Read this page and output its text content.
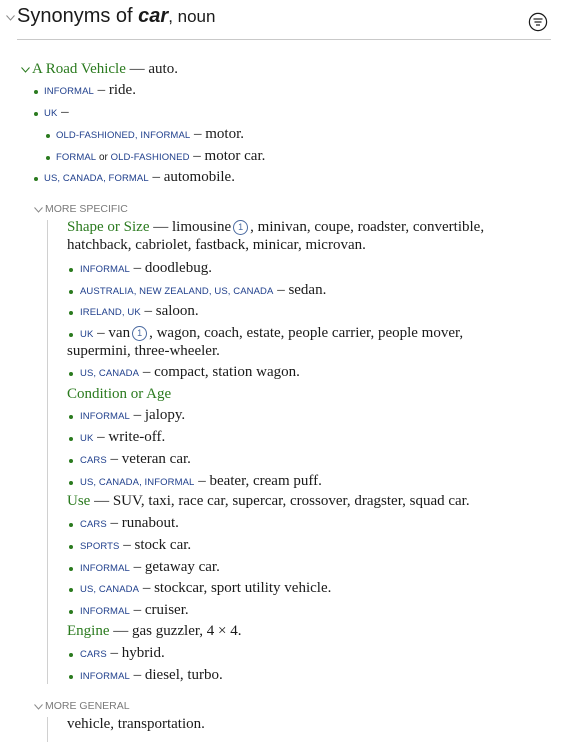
Synonyms of car, noun
A Road Vehicle — auto.
INFORMAL – ride.
UK –
OLD-FASHIONED, INFORMAL – motor.
FORMAL or OLD-FASHIONED – motor car.
US, CANADA, FORMAL – automobile.
MORE SPECIFIC
Shape or Size — limousine 1 , minivan, coupe, roadster, convertible,
hatchback, cabriolet, fastback, minicar, microvan.
INFORMAL – doodlebug.
AUSTRALIA, NEW ZEALAND, US, CANADA – sedan.
IRELAND, UK – saloon.
UK – van 1 , wagon, coach, estate, people carrier, people mover,
supermini, three-wheeler.
US, CANADA – compact, station wagon.
Condition or Age
INFORMAL – jalopy.
UK – write-off.
CARS – veteran car.
US, CANADA, INFORMAL – beater, cream puff.
Use — SUV, taxi, race car, supercar, crossover, dragster, squad car.
CARS – runabout.
SPORTS – stock car.
INFORMAL – getaway car.
US, CANADA – stockcar, sport utility vehicle.
INFORMAL – cruiser.
Engine — gas guzzler, 4 × 4.
CARS – hybrid.
INFORMAL – diesel, turbo.
MORE GENERAL
vehicle, transportation.
